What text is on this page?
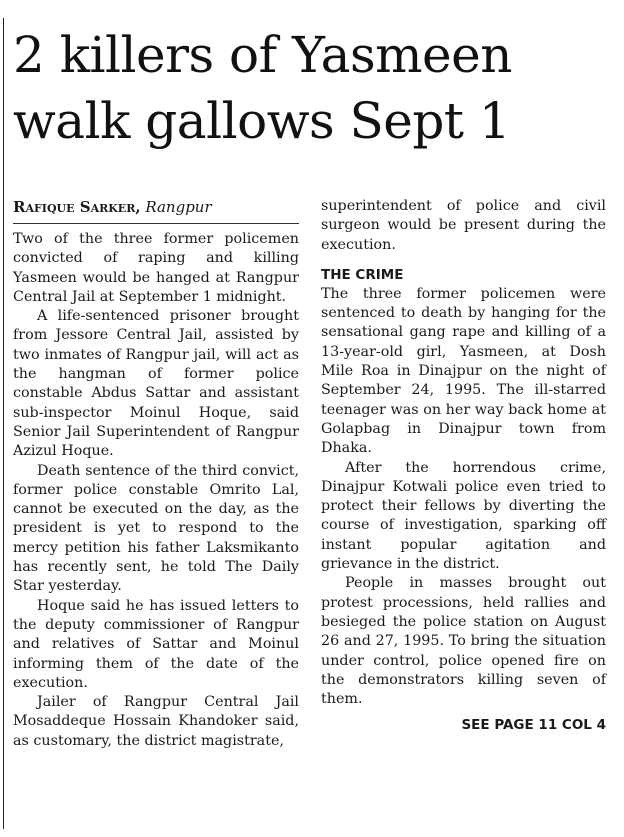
2 killers of Yasmeen
walk gallows Sept 1
Rafique Sarker, Rangpur

Two of the three former policemen convicted of raping and killing Yasmeen would be hanged at Rangpur Central Jail at September 1 midnight.

A life-sentenced prisoner brought from Jessore Central Jail, assisted by two inmates of Rangpur jail, will act as the hangman of former police constable Abdus Sattar and assistant sub-inspector Moinul Hoque, said Senior Jail Superintendent of Rangpur Azizul Hoque.

Death sentence of the third convict, former police constable Omrito Lal, cannot be executed on the day, as the president is yet to respond to the mercy petition his father Laksmikanto has recently sent, he told The Daily Star yesterday.

Hoque said he has issued letters to the deputy commissioner of Rangpur and relatives of Sattar and Moinul informing them of the date of the execution.

Jailer of Rangpur Central Jail Mosaddeque Hossain Khandoker said, as customary, the district magistrate,

superintendent of police and civil surgeon would be present during the execution.

THE CRIME

The three former policemen were sentenced to death by hanging for the sensational gang rape and killing of a 13-year-old girl, Yasmeen, at Dosh Mile Roa in Dinajpur on the night of September 24, 1995. The ill-starred teenager was on her way back home at Golapbag in Dinajpur town from Dhaka.

After the horrendous crime, Dinajpur Kotwali police even tried to protect their fellows by diverting the course of investigation, sparking off instant popular agitation and grievance in the district.

People in masses brought out protest processions, held rallies and besieged the police station on August 26 and 27, 1995. To bring the situation under control, police opened fire on the demonstrators killing seven of them.

SEE PAGE 11 COL 4
